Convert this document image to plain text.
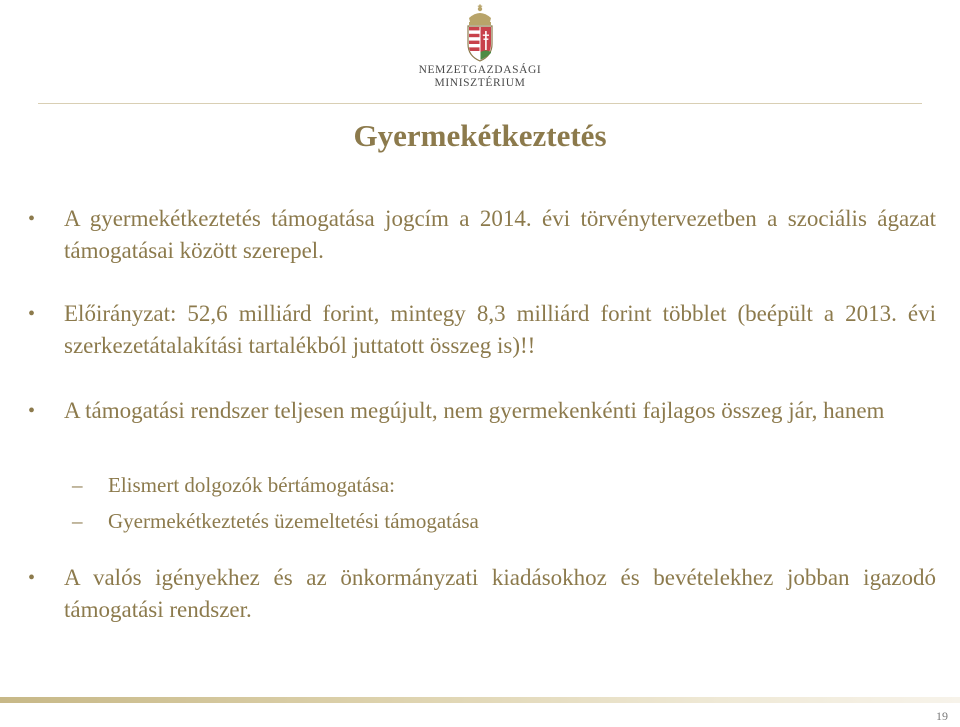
NEMZETGAZDASÁGI
MINISZTÉRIUM
Gyermekétkeztetés
• A gyermekétkeztetés támogatása jogcím a 2014. évi törvénytervezetben a szociális ágazat támogatásai között szerepel.
• Előirányzat: 52,6 milliárd forint, mintegy 8,3 milliárd forint többlet (beépült a 2013. évi szerkezetátalakítási tartalékból juttatott összeg is)!!
• A támogatási rendszer teljesen megújult, nem gyermekenkénti fajlagos összeg jár, hanem
– Elismert dolgozók bértámogatása:
– Gyermekétkeztetés üzemeltetési támogatása
• A valós igényekhez és az önkormányzati kiadásokhoz és bevételekhez jobban igazodó támogatási rendszer.
19
